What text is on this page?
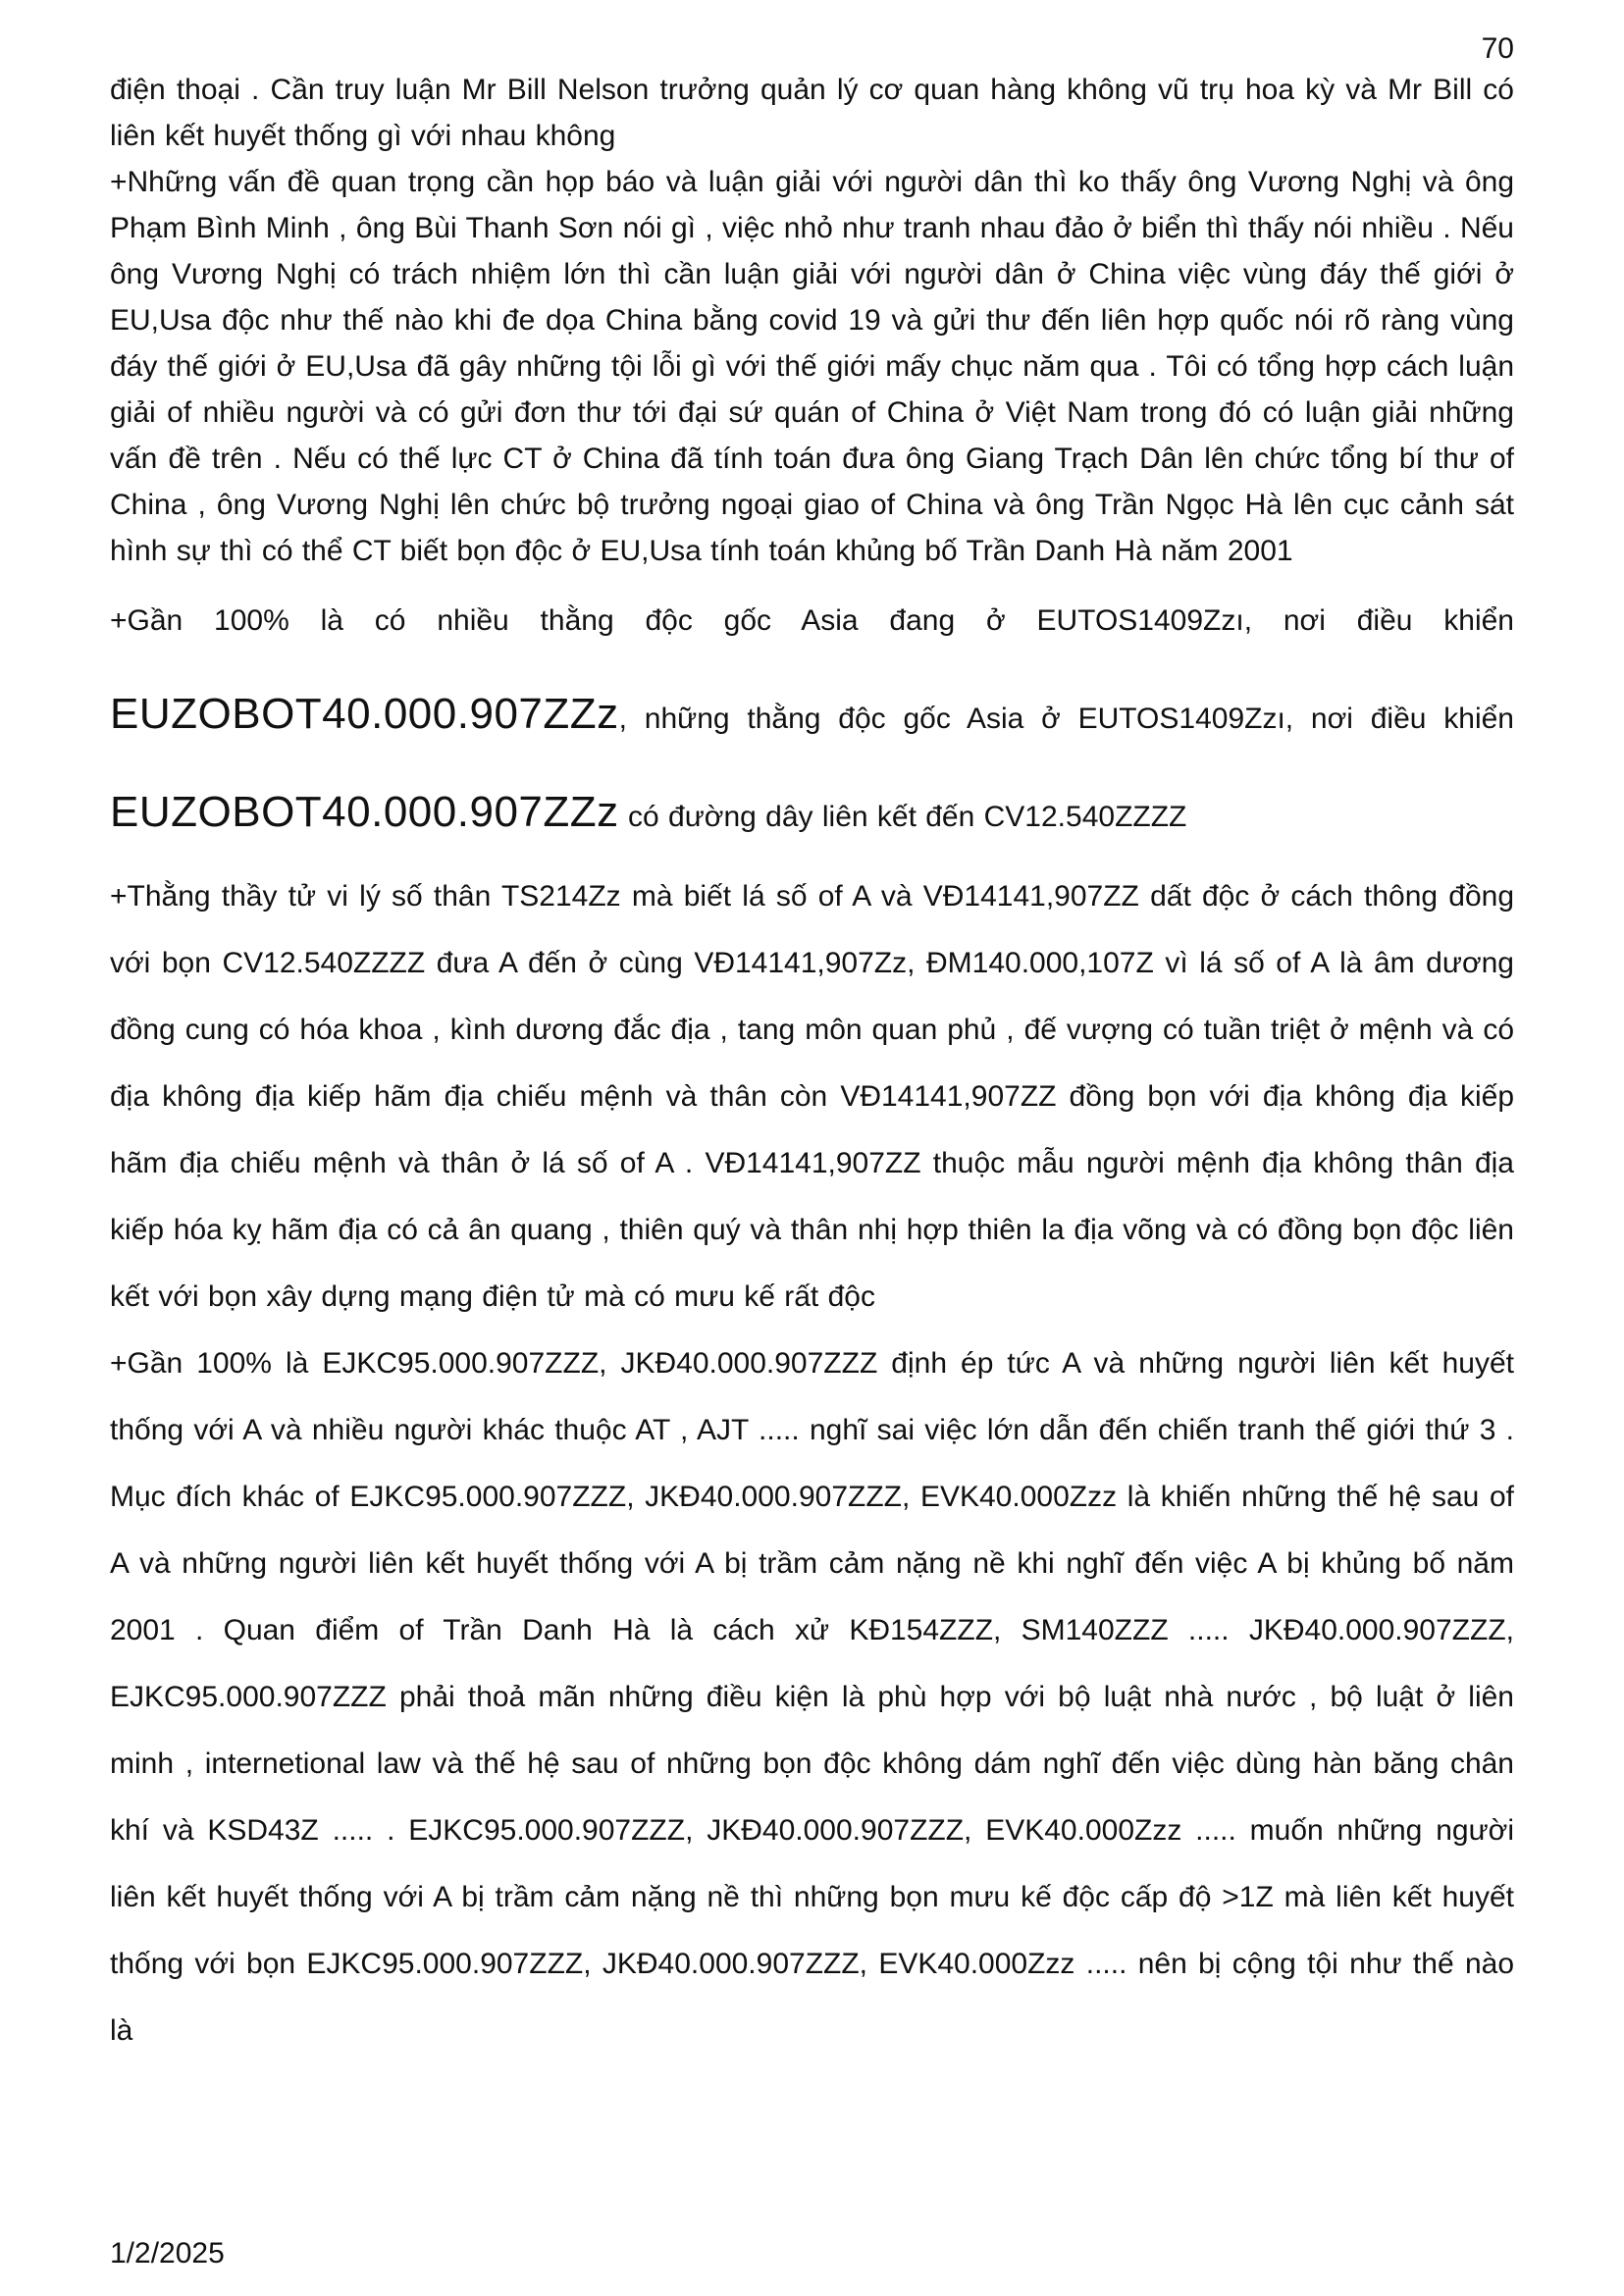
70

điện thoại . Cần truy luận Mr Bill Nelson trưởng quản lý cơ quan hàng không vũ trụ hoa kỳ và Mr Bill có liên kết huyết thống gì với nhau không

+Những vấn đề quan trọng cần họp báo và luận giải với người dân thì ko thấy ông Vương Nghị và ông Phạm Bình Minh , ông Bùi Thanh Sơn nói gì , việc nhỏ như tranh nhau đảo ở biển thì thấy nói nhiều . Nếu ông Vương Nghị có trách nhiệm lớn thì cần luận giải với người dân ở China việc vùng đáy thế giới ở EU,Usa độc như thế nào khi đe dọa China bằng covid 19 và gửi thư đến liên hợp quốc nói rõ ràng vùng đáy thế giới ở EU,Usa đã gây những tội lỗi gì với thế giới mấy chục năm qua . Tôi có tổng hợp cách luận giải of nhiều người và có gửi đơn thư tới đại sứ quán of China ở Việt Nam trong đó có luận giải những vấn đề trên . Nếu có thế lực CT ở China đã tính toán đưa ông Giang Trạch Dân lên chức tổng bí thư of China , ông Vương Nghị lên chức bộ trưởng ngoại giao of China và ông Trần Ngọc Hà lên cục cảnh sát hình sự thì có thể CT biết bọn độc ở EU,Usa tính toán khủng bố Trần Danh Hà năm 2001

+Gần 100% là có nhiều thằng độc gốc Asia đang ở EUTOS1409Zzı, nơi điều khiển EUZOBOT40.000.907ZZz, những thằng độc gốc Asia ở EUTOS1409Zzı, nơi điều khiển EUZOBOT40.000.907ZZz có đường dây liên kết đến CV12.540ZZZZ

+Thằng thầy tử vi lý số thân TS214Zz mà biết lá số of A và VĐ14141,907ZZ dất độc ở cách thông đồng với bọn CV12.540ZZZZ đưa A đến ở cùng VĐ14141,907Zz, ĐM140.000,107Z vì lá số of A là âm dương đồng cung có hóa khoa , kình dương đắc địa , tang môn quan phủ , đế vượng có tuần triệt ở mệnh và có địa không địa kiếp hãm địa chiếu mệnh và thân còn VĐ14141,907ZZ đồng bọn với địa không địa kiếp hãm địa chiếu mệnh và thân ở lá số of A . VĐ14141,907ZZ thuộc mẫu người mệnh địa không thân địa kiếp hóa kỵ hãm địa có cả ân quang , thiên quý và thân nhị hợp thiên la địa võng và có đồng bọn độc liên kết với bọn xây dựng mạng điện tử mà có mưu kế rất độc

+Gần 100% là EJKC95.000.907ZZZ, JKĐ40.000.907ZZZ định ép tức A và những người liên kết huyết thống với A và nhiều người khác thuộc AT , AJT ..... nghĩ sai việc lớn dẫn đến chiến tranh thế giới thứ 3 . Mục đích khác of EJKC95.000.907ZZZ, JKĐ40.000.907ZZZ, EVK40.000Zzz là khiến những thế hệ sau of A và những người liên kết huyết thống với A bị trầm cảm nặng nề khi nghĩ đến việc A bị khủng bố năm 2001 . Quan điểm of Trần Danh Hà là cách xử KĐ154ZZZ, SM140ZZZ ..... JKĐ40.000.907ZZZ, EJKC95.000.907ZZZ phải thoả mãn những điều kiện là phù hợp với bộ luật nhà nước , bộ luật ở liên minh , internetional law và thế hệ sau of những bọn độc không dám nghĩ đến việc dùng hàn băng chân khí và KSD43Z ..... . EJKC95.000.907ZZZ, JKĐ40.000.907ZZZ, EVK40.000Zzz ..... muốn những người liên kết huyết thống với A bị trầm cảm nặng nề thì những bọn mưu kế độc cấp độ >1Z mà liên kết huyết thống với bọn EJKC95.000.907ZZZ, JKĐ40.000.907ZZZ, EVK40.000Zzz ..... nên bị cộng tội như thế nào là

1/2/2025
